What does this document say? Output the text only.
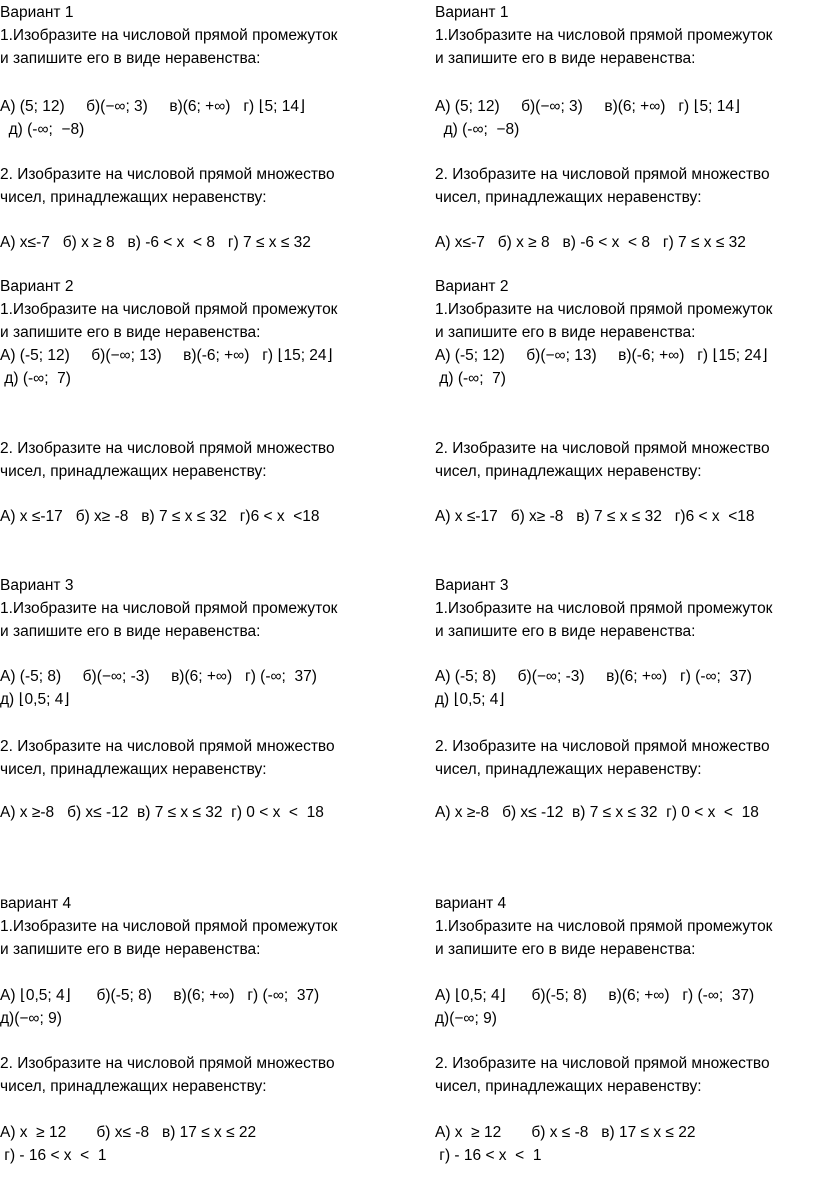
Вариант 1
1.Изобразите на числовой прямой промежуток
и запишите его в виде неравенства:
А) (5; 12)     б)(−∞; 3)     в)(6; +∞)   г) ⌊5; 14⌋
д) (-∞;  −8)
2. Изобразите на числовой прямой множество
чисел, принадлежащих неравенству:
А) x≤-7   б) x ≥ 8   в) -6 < x  < 8   г) 7 ≤ x ≤ 32
Вариант 2
1.Изобразите на числовой прямой промежуток
и запишите его в виде неравенства:
А) (-5; 12)     б)(−∞; 13)     в)(-6; +∞)   г) ⌊15; 24⌋
д) (-∞;  7)
2. Изобразите на числовой прямой множество
чисел, принадлежащих неравенству:
А) x ≤-17   б) x≥ -8   в) 7 ≤ x ≤ 32   г)6 < x  <18
Вариант 3
1.Изобразите на числовой прямой промежуток
и запишите его в виде неравенства:
А) (-5; 8)     б)(−∞; -3)     в)(6; +∞)   г) (-∞;  37)
д) ⌊0,5; 4⌋
2. Изобразите на числовой прямой множество
чисел, принадлежащих неравенству:
А) x ≥-8   б) x≤ -12  в) 7 ≤ x ≤ 32  г) 0 < x  <  18
вариант 4
1.Изобразите на числовой прямой промежуток
и запишите его в виде неравенства:
А) ⌊0,5; 4⌋      б)(-5; 8)     в)(6; +∞)   г) (-∞;  37)
д)(−∞; 9)
2. Изобразите на числовой прямой множество
чисел, принадлежащих неравенству:
А) x  ≥ 12       б) x≤ -8   в) 17 ≤ x ≤ 22
г) - 16 < x  <  1
Вариант 1
1.Изобразите на числовой прямой промежуток
и запишите его в виде неравенства:
А) (5; 12)     б)(−∞; 3)     в)(6; +∞)   г) ⌊5; 14⌋
д) (-∞;  −8)
2. Изобразите на числовой прямой множество
чисел, принадлежащих неравенству:
А) x≤-7   б) x ≥ 8   в) -6 < x  < 8   г) 7 ≤ x ≤ 32
Вариант 2
1.Изобразите на числовой прямой промежуток
и запишите его в виде неравенства:
А) (-5; 12)     б)(−∞; 13)     в)(-6; +∞)   г) ⌊15; 24⌋
д) (-∞;  7)
2. Изобразите на числовой прямой множество
чисел, принадлежащих неравенству:
А) x ≤-17   б) x≥ -8   в) 7 ≤ x ≤ 32   г)6 < x  <18
Вариант 3
1.Изобразите на числовой прямой промежуток
и запишите его в виде неравенства:
А) (-5; 8)     б)(−∞; -3)     в)(6; +∞)   г) (-∞;  37)
д) ⌊0,5; 4⌋
2. Изобразите на числовой прямой множество
чисел, принадлежащих неравенству:
А) x ≥-8   б) x≤ -12  в) 7 ≤ x ≤ 32  г) 0 < x  <  18
вариант 4
1.Изобразите на числовой прямой промежуток
и запишите его в виде неравенства:
А) ⌊0,5; 4⌋      б)(-5; 8)     в)(6; +∞)   г) (-∞;  37)
д)(−∞; 9)
2. Изобразите на числовой прямой множество
чисел, принадлежащих неравенству:
А) x  ≥ 12       б) x ≤ -8   в) 17 ≤ x ≤ 22
г) - 16 < x  <  1
